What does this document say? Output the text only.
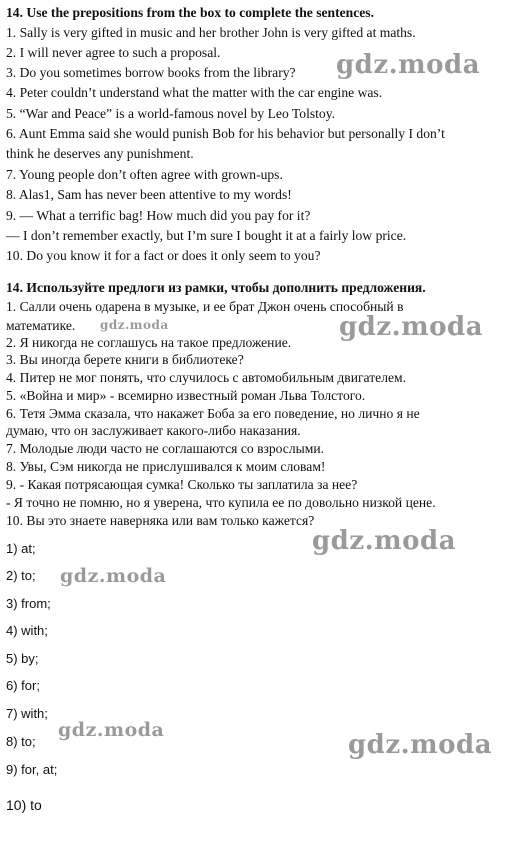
14. Use the prepositions from the box to complete the sentences.
1. Sally is very gifted in music and her brother John is very gifted at maths.
2. I will never agree to such a proposal.
3. Do you sometimes borrow books from the library?
4. Peter couldn’t understand what the matter with the car engine was.
5. “War and Peace” is a world-famous novel by Leo Tolstoy.
6. Aunt Emma said she would punish Bob for his behavior but personally I don’t
think he deserves any punishment.
7. Young people don’t often agree with grown-ups.
8. Alas1, Sam has never been attentive to my words!
9. — What a terrific bag! How much did you pay for it?
— I don’t remember exactly, but I’m sure I bought it at a fairly low price.
10. Do you know it for a fact or does it only seem to you?
14. Используйте предлоги из рамки, чтобы дополнить предложения.
1. Салли очень одарена в музыке, и ее брат Джон очень способный в
математике.
2. Я никогда не соглашусь на такое предложение.
3. Вы иногда берете книги в библиотеке?
4. Питер не мог понять, что случилось с автомобильным двигателем.
5. «Война и мир» - всемирно известный роман Льва Толстого.
6. Тетя Эмма сказала, что накажет Боба за его поведение, но лично я не
думаю, что он заслуживает какого-либо наказания.
7. Молодые люди часто не соглашаются со взрослыми.
8. Увы, Сэм никогда не прислушивался к моим словам!
9. - Какая потрясающая сумка! Сколько ты заплатила за нее?
- Я точно не помню, но я уверена, что купила ее по довольно низкой цене.
10. Вы это знаете наверняка или вам только кажется?
1) at;
2) to;
3) from;
4) with;
5) by;
6) for;
7) with;
8) to;
9) for, at;
10) to
gdz.moda
gdz.moda	gdz.moda
gdz.moda
gdz.moda
gdz.moda	gdz.moda
